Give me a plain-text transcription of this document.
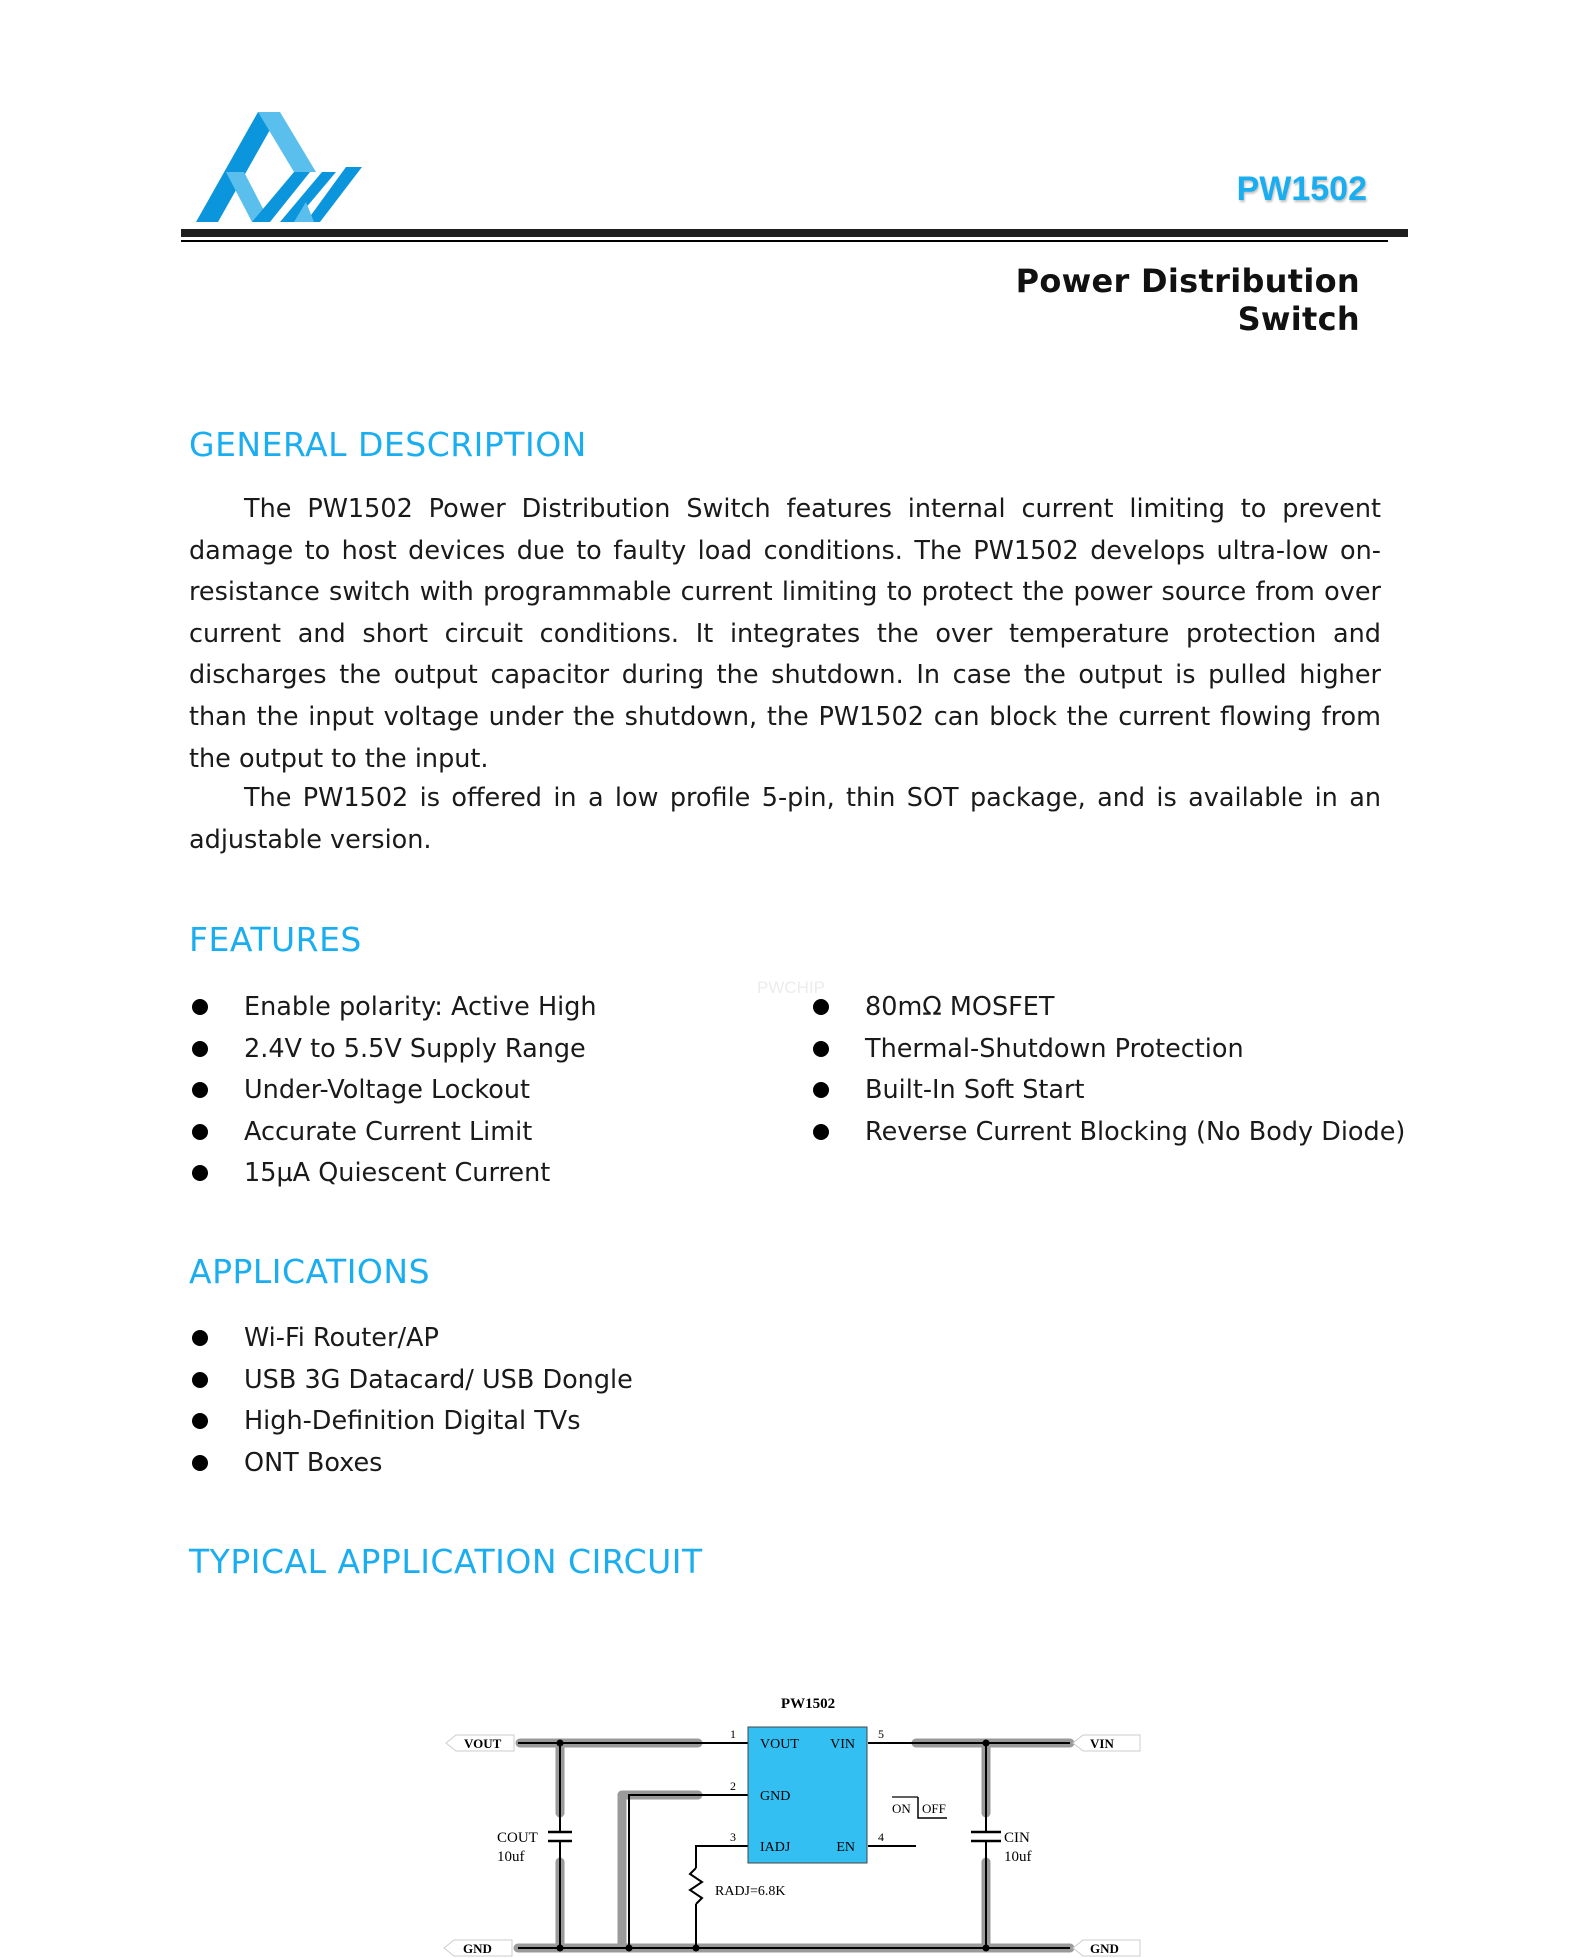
PW1502
Power Distribution Switch
GENERAL DESCRIPTION
The PW1502 Power Distribution Switch features internal current limiting to prevent damage to host devices due to faulty load conditions. The PW1502 develops ultra-low on-resistance switch with programmable current limiting to protect the power source from over current and short circuit conditions. It integrates the over temperature protection and discharges the output capacitor during the shutdown. In case the output is pulled higher than the input voltage under the shutdown, the PW1502 can block the current flowing from the output to the input.
The PW1502 is offered in a low profile 5-pin, thin SOT package, and is available in an adjustable version.
FEATURES
PWCHIP
Enable polarity: Active High
2.4V to 5.5V Supply Range
Under-Voltage Lockout
Accurate Current Limit
15µA Quiescent Current
80mΩ MOSFET
Thermal-Shutdown Protection
Built-In Soft Start
Reverse Current Blocking (No Body Diode)
APPLICATIONS
Wi-Fi Router/AP
USB 3G Datacard/ USB Dongle
High-Definition Digital TVs
ONT Boxes
TYPICAL APPLICATION CIRCUIT
PW1502
VOUT
GND
IADJ	EN
VIN
1
2
3	4
5
VOUT
GND
VIN
GND
COUT
10uf
CIN
10uf
RADJ=6.8K
ON OFF
